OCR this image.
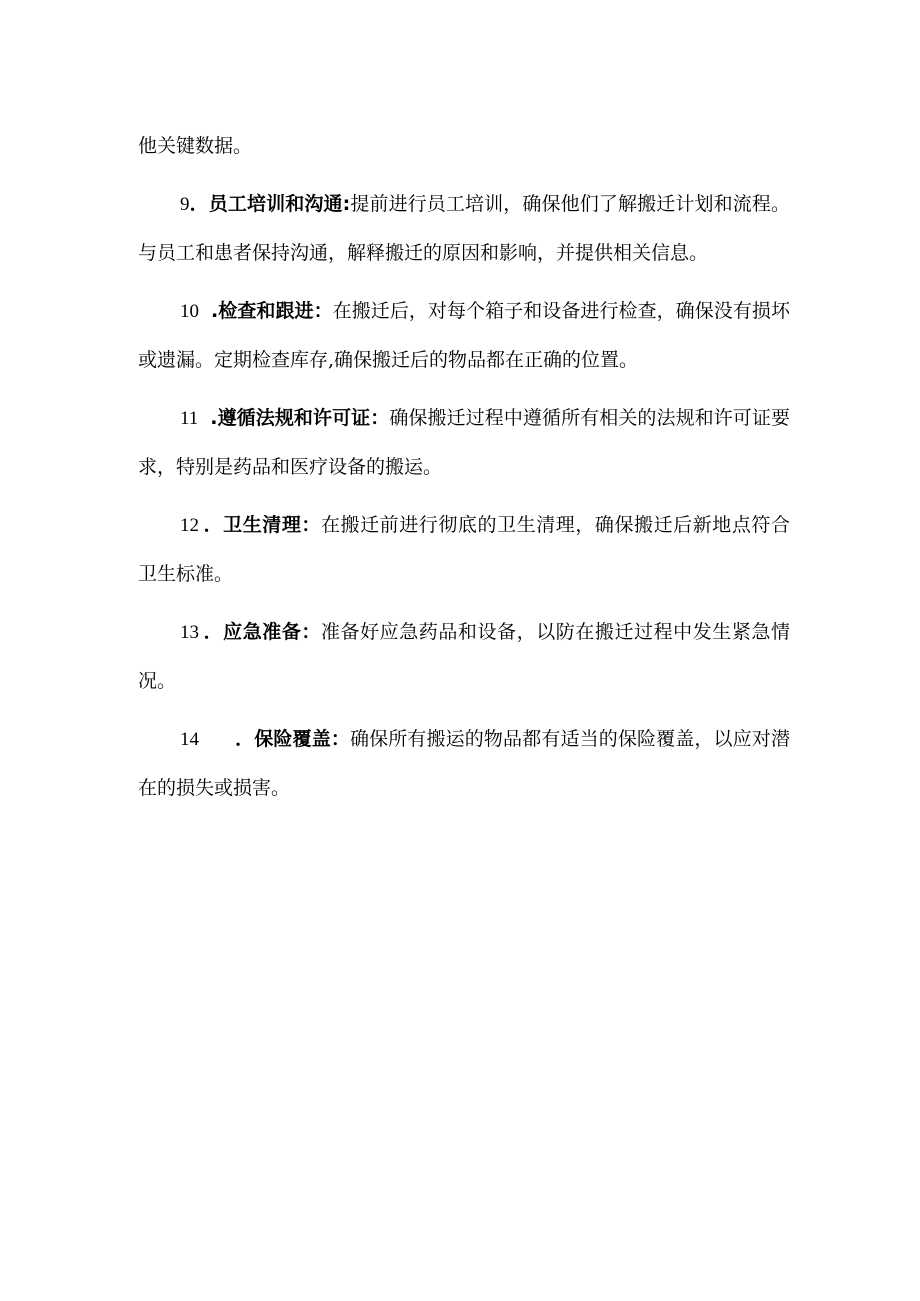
他关键数据。

9．员工培训和沟通:提前进行员工培训，确保他们了解搬迁计划和流程。与员工和患者保持沟通，解释搬迁的原因和影响，并提供相关信息。

10 .检查和跟进：在搬迁后，对每个箱子和设备进行检查，确保没有损坏或遗漏。定期检查库存,确保搬迁后的物品都在正确的位置。

11 .遵循法规和许可证：确保搬迁过程中遵循所有相关的法规和许可证要求，特别是药品和医疗设备的搬运。

12 ．卫生清理：在搬迁前进行彻底的卫生清理，确保搬迁后新地点符合卫生标准。

13 ．应急准备：准备好应急药品和设备，以防在搬迁过程中发生紧急情况。

14 ．保险覆盖：确保所有搬运的物品都有适当的保险覆盖，以应对潜在的损失或损害。
